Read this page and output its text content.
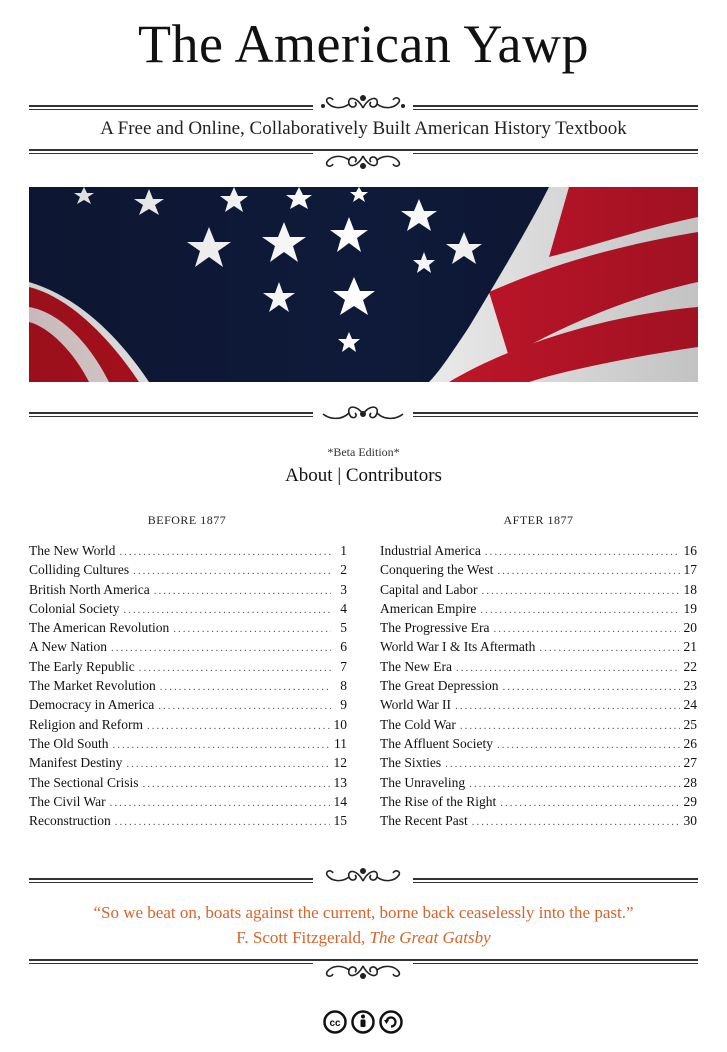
The American Yawp
A Free and Online, Collaboratively Built American History Textbook
*Beta Edition*
About | Contributors
BEFORE 1877	AFTER 1877
The New World .....	1
Colliding Cultures .....	2
British North America .....	3
Colonial Society .....	4
The American Revolution .....	5
A New Nation .....	6
The Early Republic .....	7
The Market Revolution .....	8
Democracy in America .....	9
Religion and Reform .....	10
The Old South .....	11
Manifest Destiny .....	12
The Sectional Crisis .....	13
The Civil War .....	14
Reconstruction .....	15
Industrial America .....	16
Conquering the West .....	17
Capital and Labor .....	18
American Empire .....	19
The Progressive Era .....	20
World War I & Its Aftermath .....	21
The New Era .....	22
The Great Depression .....	23
World War II .....	24
The Cold War .....	25
The Affluent Society .....	26
The Sixties .....	27
The Unraveling .....	28
The Rise of the Right .....	29
The Recent Past .....	30
“So we beat on, boats against the current, borne back ceaselessly into the past.”
F. Scott Fitzgerald, The Great Gatsby
cc
